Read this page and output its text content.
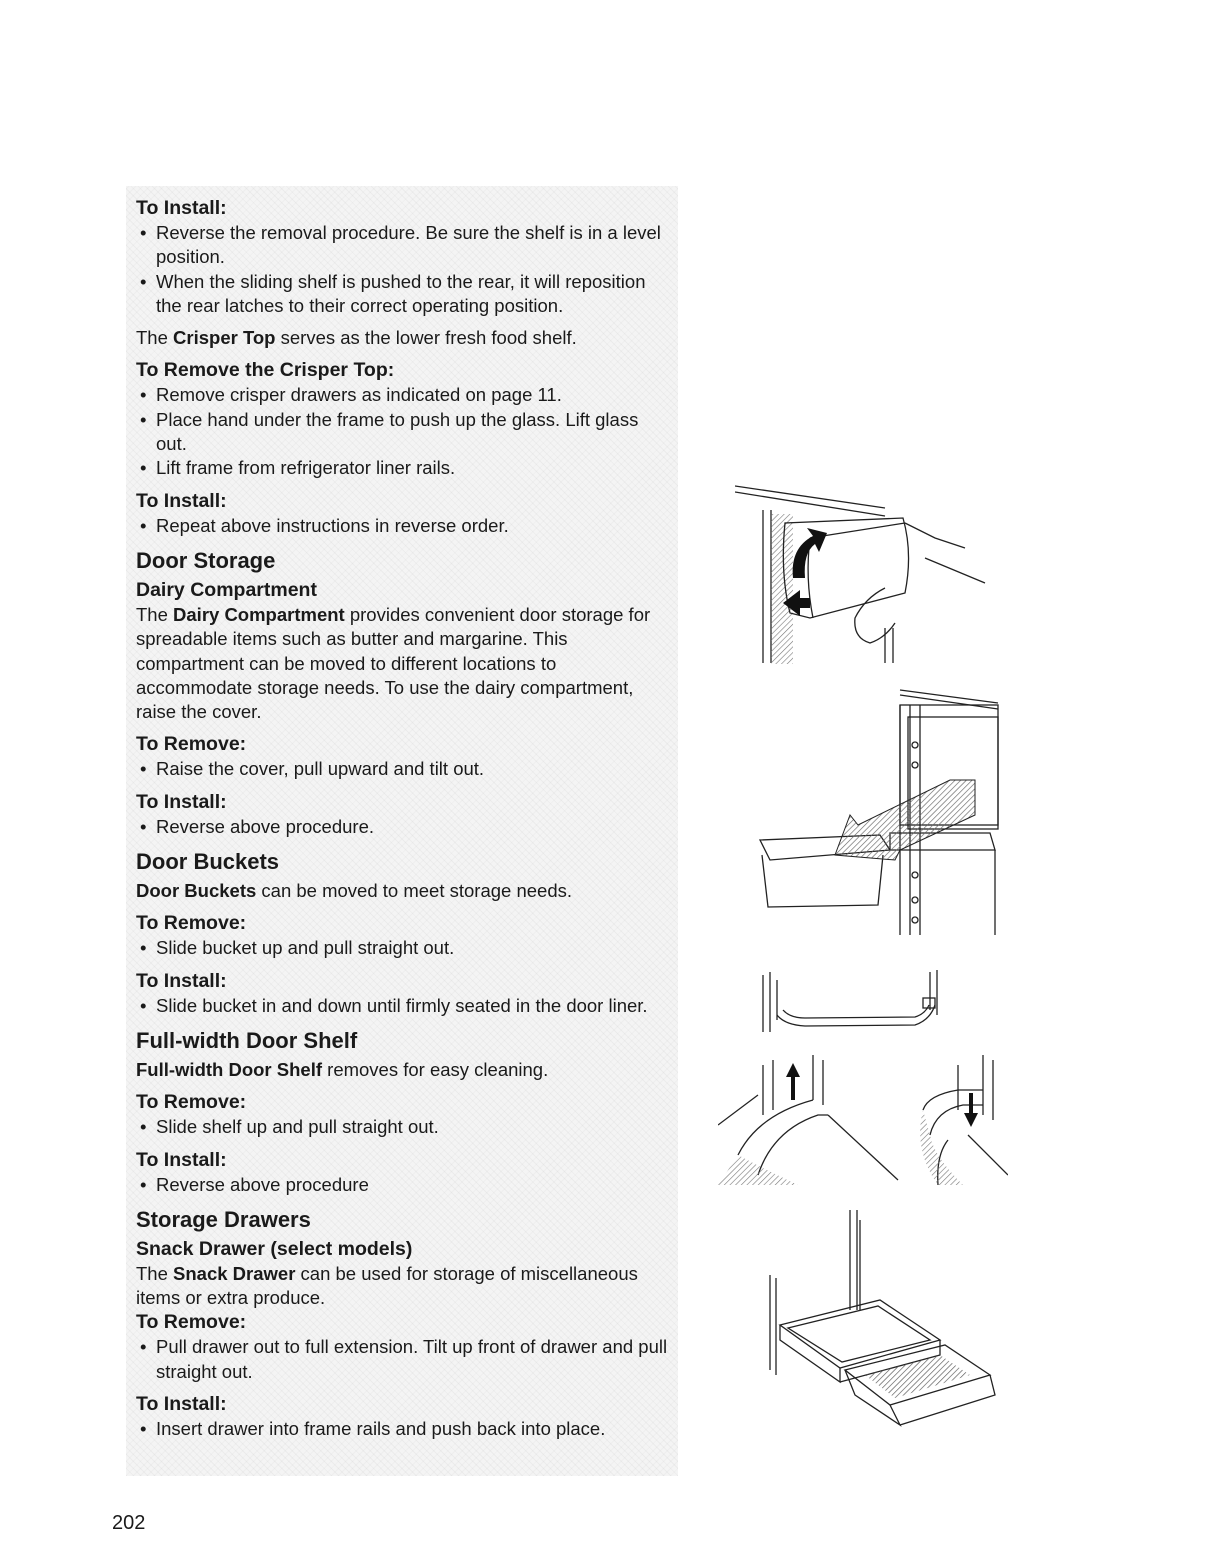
To Install:
• Reverse the removal procedure. Be sure the shelf is in a level position.
• When the sliding shelf is pushed to the rear, it will reposition the rear latches to their correct operating position.

The Crisper Top serves as the lower fresh food shelf.

To Remove the Crisper Top:
• Remove crisper drawers as indicated on page 11.
• Place hand under the frame to push up the glass. Lift glass out.
• Lift frame from refrigerator liner rails.
To Install:
• Repeat above instructions in reverse order.
Door Storage
Dairy Compartment

The Dairy Compartment provides convenient door storage for spreadable items such as butter and margarine. This compartment can be moved to different locations to accommodate storage needs. To use the dairy compartment, raise the cover.

To Remove:
• Raise the cover, pull upward and tilt out.
To Install:
• Reverse above procedure.
Door Buckets

Door Buckets can be moved to meet storage needs.

To Remove:
• Slide bucket up and pull straight out.
To Install:
• Slide bucket in and down until firmly seated in the door liner.
Full-width Door Shelf

Full-width Door Shelf removes for easy cleaning.

To Remove:
• Slide shelf up and pull straight out.
To Install:
• Reverse above procedure
Storage Drawers
Snack Drawer (select models)

The Snack Drawer can be used for storage of miscellaneous items or extra produce.

To Remove:
• Pull drawer out to full extension. Tilt up front of drawer and pull straight out.
To Install:
• Insert drawer into frame rails and push back into place.
202
